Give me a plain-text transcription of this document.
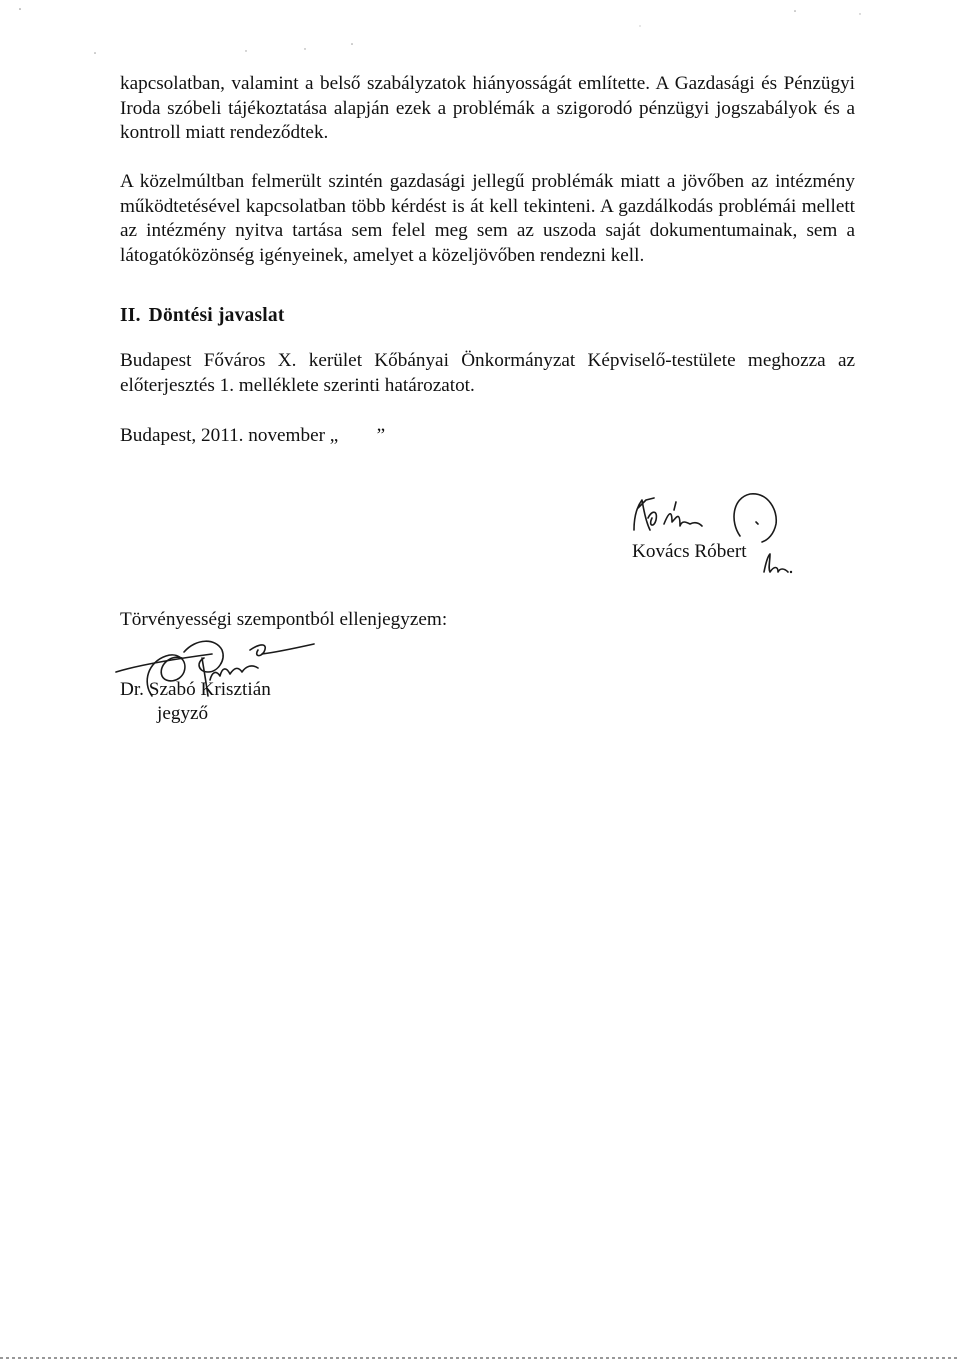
kapcsolatban, valamint a belső szabályzatok hiányosságát említette. A Gazdasági és Pénzügyi Iroda szóbeli tájékoztatása alapján ezek a problémák a szigorodó pénzügyi jogszabályok és a kontroll miatt rendeződtek.

A közelmúltban felmerült szintén gazdasági jellegű problémák miatt a jövőben az intézmény működtetésével kapcsolatban több kérdést is át kell tekinteni. A gazdálkodás problémái mellett az intézmény nyitva tartása sem felel meg sem az uszoda saját dokumentumainak, sem a látogatóközönség igényeinek, amelyet a közeljövőben rendezni kell.

II. Döntési javaslat

Budapest Főváros X. kerület Kőbányai Önkormányzat Képviselő-testülete meghozza az előterjesztés 1. melléklete szerinti határozatot.

Budapest, 2011. november „        ”
Kovács Róbert
Törvényességi szempontból ellenjegyzem:
Dr. Szabó Krisztián
jegyző
